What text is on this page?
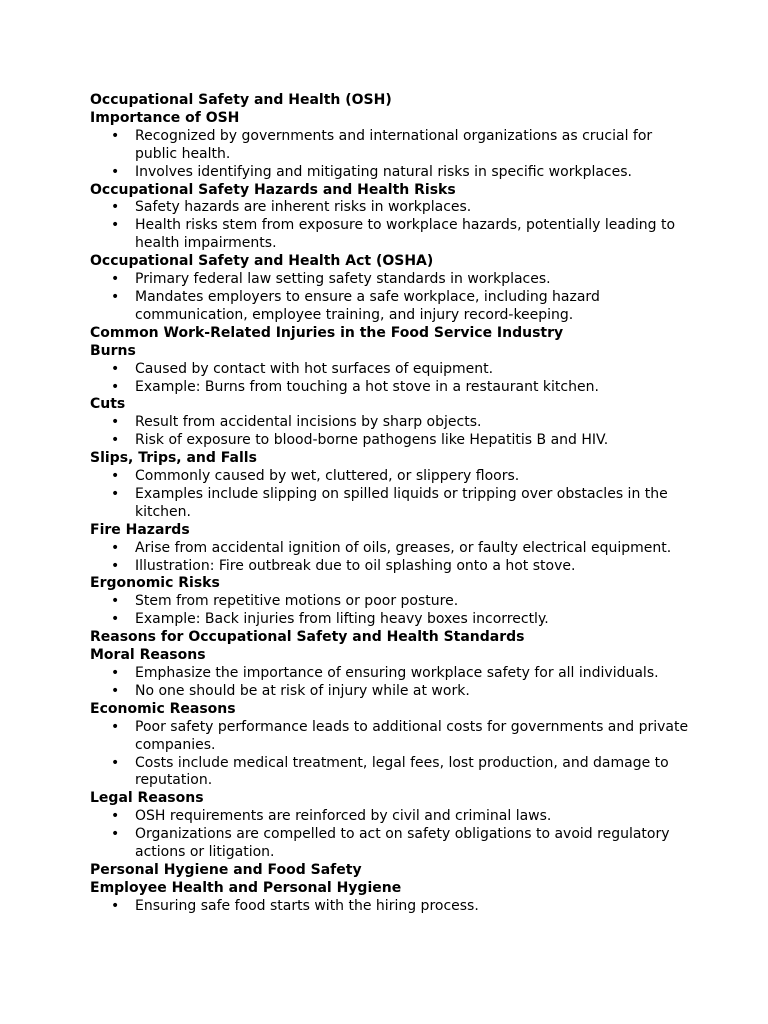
Occupational Safety and Health (OSH)
Importance of OSH
• Recognized by governments and international organizations as crucial for public health.
• Involves identifying and mitigating natural risks in specific workplaces.
Occupational Safety Hazards and Health Risks
• Safety hazards are inherent risks in workplaces.
• Health risks stem from exposure to workplace hazards, potentially leading to health impairments.
Occupational Safety and Health Act (OSHA)
• Primary federal law setting safety standards in workplaces.
• Mandates employers to ensure a safe workplace, including hazard communication, employee training, and injury record-keeping.
Common Work-Related Injuries in the Food Service Industry
Burns
• Caused by contact with hot surfaces of equipment.
• Example: Burns from touching a hot stove in a restaurant kitchen.
Cuts
• Result from accidental incisions by sharp objects.
• Risk of exposure to blood-borne pathogens like Hepatitis B and HIV.
Slips, Trips, and Falls
• Commonly caused by wet, cluttered, or slippery floors.
• Examples include slipping on spilled liquids or tripping over obstacles in the kitchen.
Fire Hazards
• Arise from accidental ignition of oils, greases, or faulty electrical equipment.
• Illustration: Fire outbreak due to oil splashing onto a hot stove.
Ergonomic Risks
• Stem from repetitive motions or poor posture.
• Example: Back injuries from lifting heavy boxes incorrectly.
Reasons for Occupational Safety and Health Standards
Moral Reasons
• Emphasize the importance of ensuring workplace safety for all individuals.
• No one should be at risk of injury while at work.
Economic Reasons
• Poor safety performance leads to additional costs for governments and private companies.
• Costs include medical treatment, legal fees, lost production, and damage to reputation.
Legal Reasons
• OSH requirements are reinforced by civil and criminal laws.
• Organizations are compelled to act on safety obligations to avoid regulatory actions or litigation.
Personal Hygiene and Food Safety
Employee Health and Personal Hygiene
• Ensuring safe food starts with the hiring process.
